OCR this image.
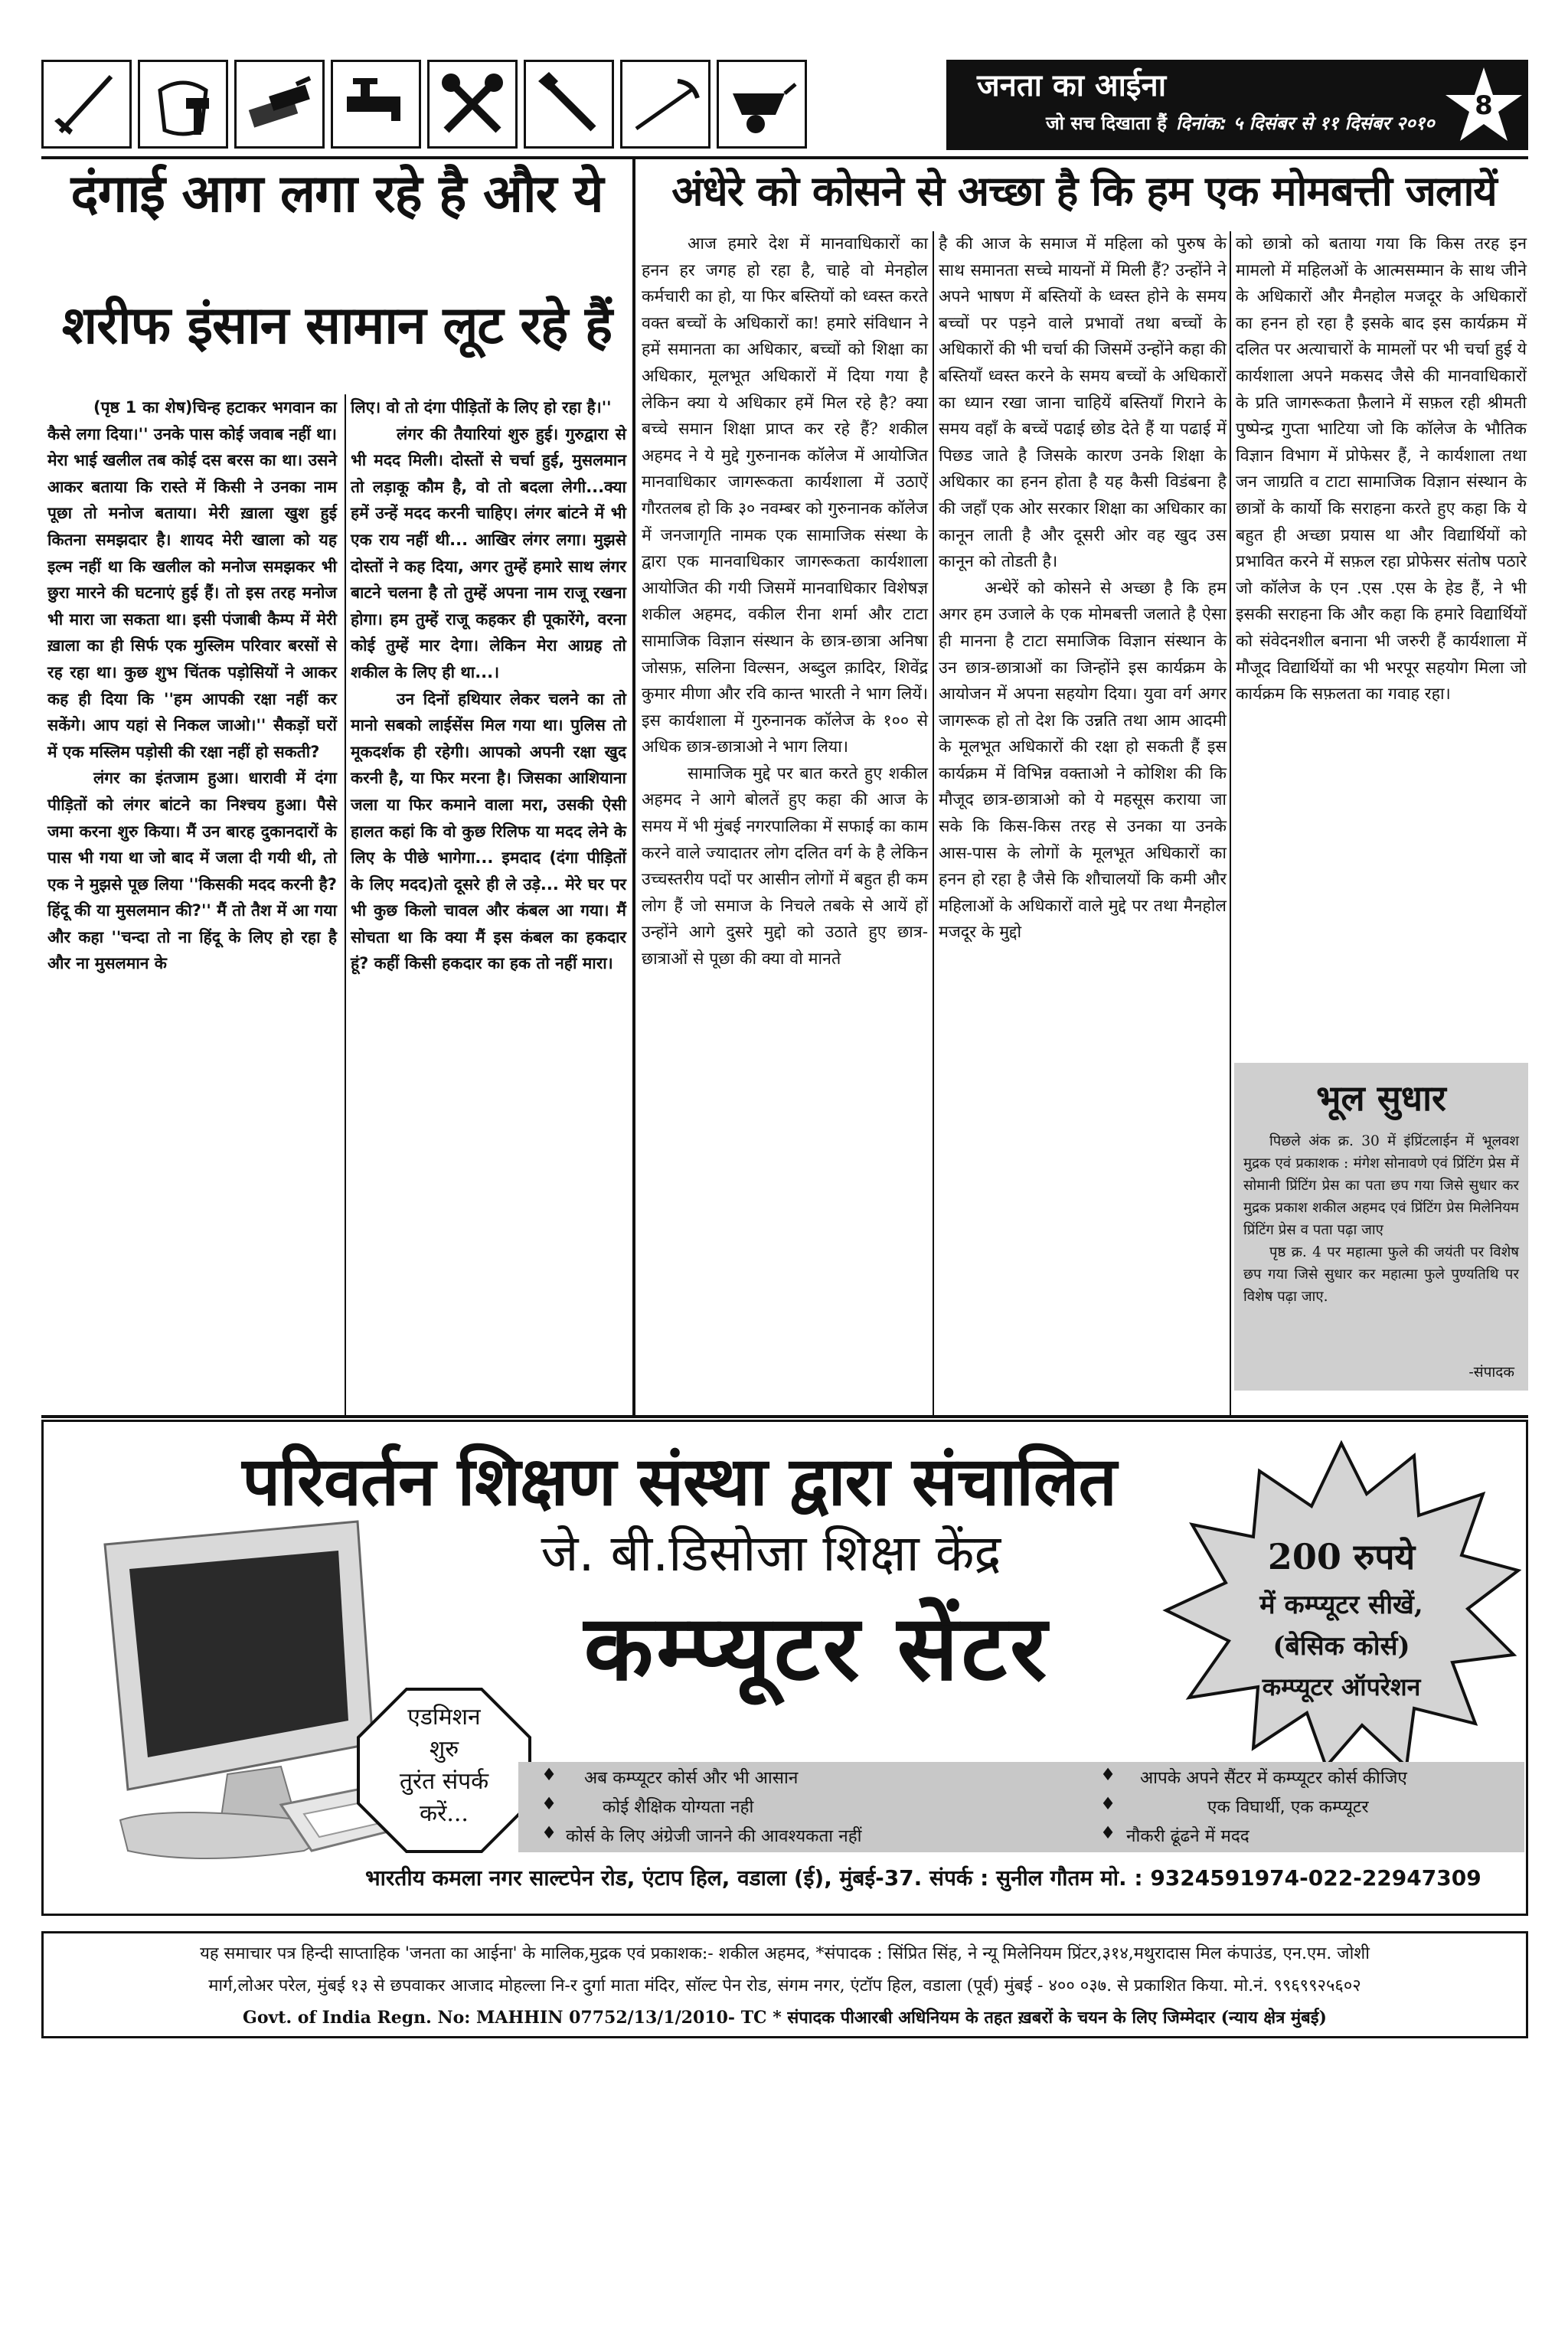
जनता का आईना
जो सच दिखाता हैं दिनांक: ५ दिसंबर से ११ दिसंबर २०१०
8
दंगाई आग लगा रहे है और ये
शरीफ इंसान सामान लूट रहे हैं

(पृष्ठ 1 का शेष)चिन्ह हटाकर भगवान का कैसे लगा दिया।'' उनके पास कोई जवाब नहीं था। मेरा भाई खलील तब कोई दस बरस का था। उसने आकर बताया कि रास्ते में किसी ने उनका नाम पूछा तो मनोज बताया। मेरी ख़ाला खुश हुई कितना समझदार है। शायद मेरी खाला को यह इल्म नहीं था कि खलील को मनोज समझकर भी छुरा मारने की घटनाएं हुई हैं। तो इस तरह मनोज भी मारा जा सकता था। इसी पंजाबी कैम्प में मेरी ख़ाला का ही सिर्फ एक मुस्लिम परिवार बरसों से रह रहा था। कुछ शुभ चिंतक पड़ोसियों ने आकर कह ही दिया कि ''हम आपकी रक्षा नहीं कर सकेंगे। आप यहां से निकल जाओ।'' सैकड़ों घरों में एक मस्लिम पड़ोसी की रक्षा नहीं हो सकती?

लंगर का इंतजाम हुआ। धारावी में दंगा पीड़ितों को लंगर बांटने का निश्चय हुआ। पैसे जमा करना शुरु किया। मैं उन बारह दुकानदारों के पास भी गया था जो बाद में जला दी गयी थी, तो एक ने मुझसे पूछ लिया ''किसकी मदद करनी है? हिंदू की या मुसलमान की?'' मैं तो तैश में आ गया और कहा ''चन्दा तो ना हिंदू के लिए हो रहा है और ना मुसलमान के

लिए। वो तो दंगा पीड़ितों के लिए हो रहा है।''

लंगर की तैयारियां शुरु हुई। गुरुद्वारा से भी मदद मिली। दोस्तों से चर्चा हुई, मुसलमान तो लड़ाकू कौम है, वो तो बदला लेगी...क्या हमें उन्हें मदद करनी चाहिए। लंगर बांटने में भी एक राय नहीं थी... आखिर लंगर लगा। मुझसे दोस्तों ने कह दिया, अगर तुम्हें हमारे साथ लंगर बाटने चलना है तो तुम्हें अपना नाम राजू रखना होगा। हम तुम्हें राजू कहकर ही पूकारेंगे, वरना कोई तुम्हें मार देगा। लेकिन मेरा आग्रह तो शकील के लिए ही था...।

उन दिनों हथियार लेकर चलने का तो मानो सबको लाईसेंस मिल गया था। पुलिस तो मूकदर्शक ही रहेगी। आपको अपनी रक्षा खुद करनी है, या फिर मरना है। जिसका आशियाना जला या फिर कमाने वाला मरा, उसकी ऐसी हालत कहां कि वो कुछ रिलिफ या मदद लेने के लिए के पीछे भागेगा... इमदाद (दंगा पीड़ितों के लिए मदद)तो दूसरे ही ले उड़े... मेरे घर पर भी कुछ किलो चावल और कंबल आ गया। मैं सोचता था कि क्या मैं इस कंबल का हकदार हूं? कहीं किसी हकदार का हक तो नहीं मारा।

अंधेरे को कोसने से अच्छा है कि हम एक मोमबत्ती जलायें

आज हमारे देश में मानवाधिकारों का हनन हर जगह हो रहा है, चाहे वो मेनहोल कर्मचारी का हो, या फिर बस्तियों को ध्वस्त करते वक्त बच्चों के अधिकारों का! हमारे संविधान ने हमें समानता का अधिकार, बच्चों को शिक्षा का अधिकार, मूलभूत अधिकारों में दिया गया है लेकिन क्या ये अधिकार हमें मिल रहे है? क्या बच्चे समान शिक्षा प्राप्त कर रहे हैं? शकील अहमद ने ये मुद्दे गुरुनानक कॉलेज में आयोजित मानवाधिकार जागरूकता कार्यशाला में उठाऐं गौरतलब हो कि ३० नवम्बर को गुरुनानक कॉलेज में जनजागृति नामक एक सामाजिक संस्था के द्वारा एक मानवाधिकार जागरूकता कार्यशाला आयोजित की गयी जिसमें मानवाधिकार विशेषज्ञ शकील अहमद, वकील रीना शर्मा और टाटा सामाजिक विज्ञान संस्थान के छात्र-छात्रा अनिषा जोसफ़, सलिना विल्सन, अब्दुल क़ादिर, शिवेंद्र कुमार मीणा और रवि कान्त भारती ने भाग लियें। इस कार्यशाला में गुरुनानक कॉलेज के १०० से अधिक छात्र-छात्राओ ने भाग लिया।

सामाजिक मुद्दे पर बात करते हुए शकील अहमद ने आगे बोलतें हुए कहा की आज के समय में भी मुंबई नगरपालिका में सफाई का काम करने वाले ज्यादातर लोग दलित वर्ग के है लेकिन उच्चस्तरीय पदों पर आसीन लोगों में बहुत ही कम लोग हैं जो समाज के निचले तबके से आयें हों उन्होंने आगे दुसरे मुद्दो को उठाते हुए छात्र-छात्राओं से पूछा की क्या वो मानते

है की आज के समाज में महिला को पुरुष के साथ समानता सच्चे मायनों में मिली हैं? उन्होंने ने अपने भाषण में बस्तियों के ध्वस्त होने के समय बच्चों पर पड़ने वाले प्रभावों तथा बच्चों के अधिकारों की भी चर्चा की जिसमें उन्होंने कहा की बस्तियाँ ध्वस्त करने के समय बच्चों के अधिकारों का ध्यान रखा जाना चाहियें बस्तियाँ गिराने के समय वहाँ के बच्चें पढाई छोड देते हैं या पढाई में पिछड जाते है जिसके कारण उनके शिक्षा के अधिकार का हनन होता है यह कैसी विडंबना है की जहाँ एक ओर सरकार शिक्षा का अधिकार का कानून लाती है और दूसरी ओर वह खुद उस कानून को तोडती है।

अन्धेरें को कोसने से अच्छा है कि हम अगर हम उजाले के एक मोमबत्ती जलाते है ऐसा ही मानना है टाटा समाजिक विज्ञान संस्थान के उन छात्र-छात्राओं का जिन्होंने इस कार्यक्रम के आयोजन में अपना सहयोग दिया। युवा वर्ग अगर जागरूक हो तो देश कि उन्नति तथा आम आदमी के मूलभूत अधिकारों की रक्षा हो सकती हैं इस कार्यक्रम में विभिन्न वक्ताओ ने कोशिश की कि मौजूद छात्र-छात्राओ को ये महसूस कराया जा सके कि किस-किस तरह से उनका या उनके आस-पास के लोगों के मूलभूत अधिकारों का हनन हो रहा है जैसे कि शौचालयों कि कमी और महिलाओं के अधिकारों वाले मुद्दे पर तथा मैनहोल मजदूर के मुद्दो

को छात्रो को बताया गया कि किस तरह इन मामलो में महिलओं के आत्मसम्मान के साथ जीने के अधिकारों और मैनहोल मजदूर के अधिकारों का हनन हो रहा है इसके बाद इस कार्यक्रम में दलित पर अत्याचारों के मामलों पर भी चर्चा हुई ये कार्यशाला अपने मकसद जैसे की मानवाधिकारों के प्रति जागरूकता फ़ैलाने में सफ़ल रही श्रीमती पुष्पेन्द्र गुप्ता भाटिया जो कि कॉलेज के भौतिक विज्ञान विभाग में प्रोफेसर हैं, ने कार्यशाला तथा जन जाग्रति व टाटा सामाजिक विज्ञान संस्थान के छात्रों के कार्यो कि सराहना करते हुए कहा कि ये बहुत ही अच्छा प्रयास था और विद्यार्थियों को प्रभावित करने में सफ़ल रहा प्रोफेसर संतोष पठारे जो कॉलेज के एन .एस .एस के हेड हैं, ने भी इसकी सराहना कि और कहा कि हमारे विद्यार्थियों को संवेदनशील बनाना भी जरुरी हैं कार्यशाला में मौजूद विद्यार्थियों का भी भरपूर सहयोग मिला जो कार्यक्रम कि सफ़लता का गवाह रहा।

भूल सुधार

पिछले अंक क्र. 30 में इंप्रिंटलाईन में भूलवश मुद्रक एवं प्रकाशक : मंगेश सोनावणे एवं प्रिंटिंग प्रेस में सोमानी प्रिंटिंग प्रेस का पता छप गया जिसे सुधार कर मुद्रक प्रकाश शकील अहमद एवं प्रिंटिंग प्रेस मिलेनियम प्रिंटिंग प्रेस व पता पढ़ा जाए

पृष्ठ क्र. 4 पर महात्मा फुले की जयंती पर विशेष छप गया जिसे सुधार कर महात्मा फुले पुण्यतिथि पर विशेष पढ़ा जाए.

-संपादक
परिवर्तन शिक्षण संस्था द्वारा संचालित
जे. बी.डिसोजा शिक्षा केंद्र
कम्प्यूटर सेंटर
200 रुपये
में कम्प्यूटर सीखें,
(बेसिक कोर्स)
कम्प्यूटर ऑपरेशन
एडमिशन
शुरु
तुरंत संपर्क
करें...
♦ अब कम्प्यूटर कोर्स और भी आसान	♦ आपके अपने सैंटर में कम्प्यूटर कोर्स कीजिए
♦	कोई शैक्षिक योग्यता नही	♦	एक विघार्थी, एक कम्प्यूटर
♦ कोर्स के लिए अंग्रेजी जानने की आवश्यकता नहीं	♦ नौकरी ढूंढने में मदद
भारतीय कमला नगर साल्टपेन रोड, एंटाप हिल, वडाला (ई), मुंबई-37. संपर्क : सुनील गौतम मो. : 9324591974-022-22947309
यह समाचार पत्र हिन्दी साप्ताहिक 'जनता का आईना' के मालिक,मुद्रक एवं प्रकाशक:- शकील अहमद, *संपादक : सिंप्रित सिंह, ने न्यू मिलेनियम प्रिंटर,३१४,मथुरादास मिल कंपाउंड, एन.एम. जोशी
मार्ग,लोअर परेल, मुंबई १३ से छपवाकर आजाद मोहल्ला नि-र दुर्गा माता मंदिर, सॉल्ट पेन रोड, संगम नगर, एंटॉप हिल, वडाला (पूर्व) मुंबई - ४०० ०३७. से प्रकाशित किया. मो.नं. ९९६९९२५६०२
Govt. of India Regn. No: MAHHIN 07752/13/1/2010- TC * संपादक पीआरबी अधिनियम के तहत ख़बरों के चयन के लिए जिम्मेदार (न्याय क्षेत्र मुंबई)
